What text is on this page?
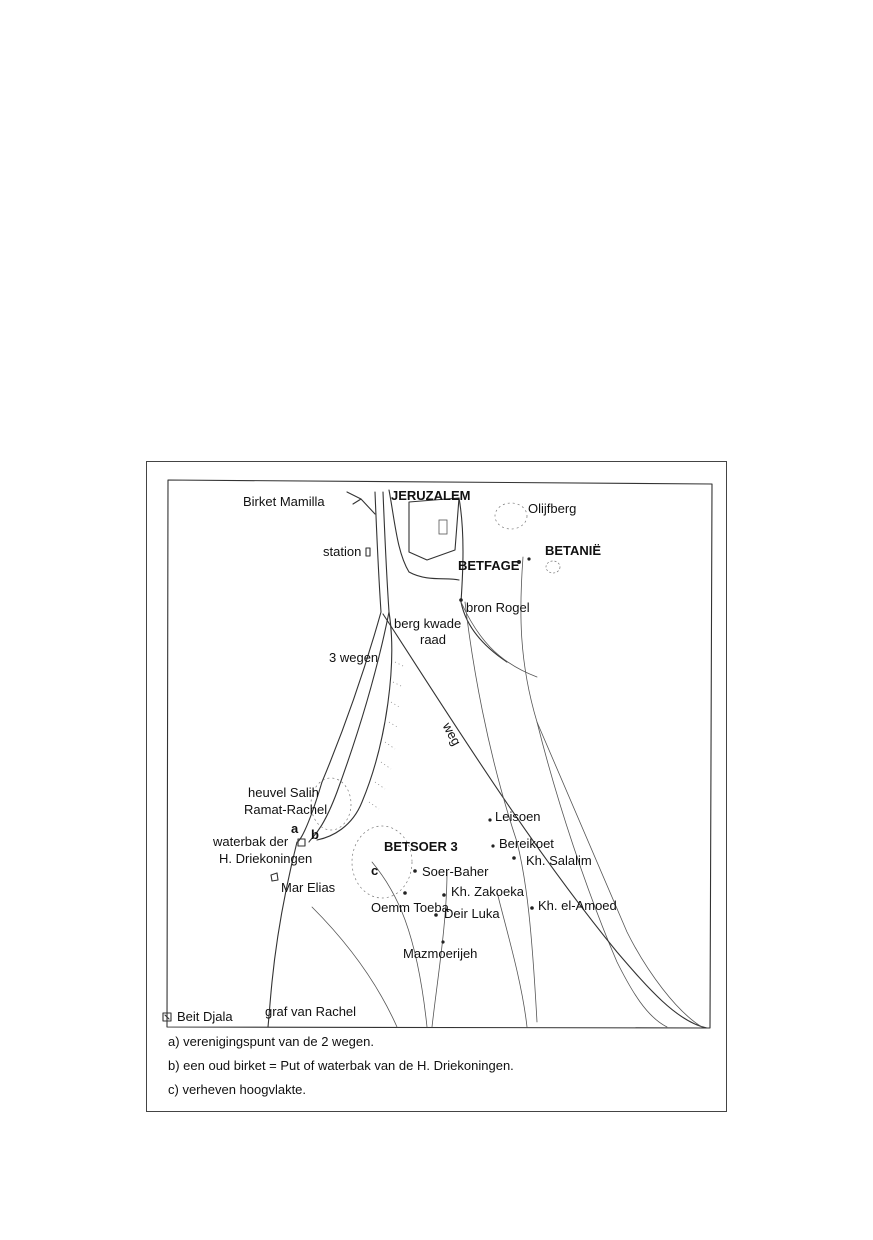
Birket Mamilla	JERUZALEM
Olijfberg
station
BETFAGE
BETANIË
bron Rogel
berg kwade
raad
3 wegen
weg
heuvel Salih
Ramat-Rachel
a b
waterbak der
H. Driekoningen
Leisoen
BETSOER 3	Bereikoet
Kh. Salalim
c	Soer-Baher
Mar Elias	Kh. Zakoeka
Oemm Toeba
Deir Luka
Kh. el-Amoed
Mazmoerijeh
Beit Djala graf van Rachel
a) verenigingspunt van de 2 wegen.
b) een oud birket = Put of waterbak van de H. Driekoningen.
c) verheven hoogvlakte.
